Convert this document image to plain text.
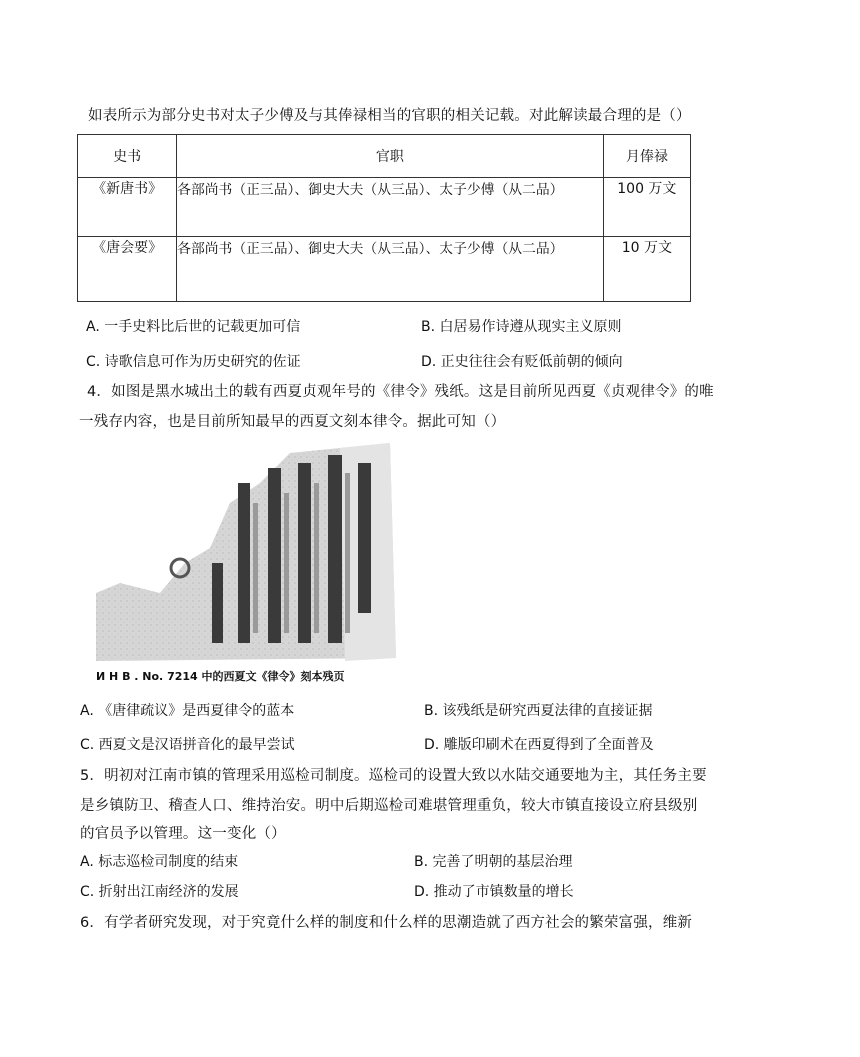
如表所示为部分史书对太子少傅及与其俸禄相当的官职的相关记载。对此解读最合理的是（）
史书	官职	月俸禄
《新唐书》	各部尚书（正三品）、御史大夫（从三品）、太子少傅（从二品）	100 万文
《唐会要》	各部尚书（正三品）、御史大夫（从三品）、太子少傅（从二品）	10 万文
A. 一手史料比后世的记载更加可信	B. 白居易作诗遵从现实主义原则
C. 诗歌信息可作为历史研究的佐证	D. 正史往往会有贬低前朝的倾向
4．如图是黑水城出土的载有西夏贞观年号的《律令》残纸。这是目前所见西夏《贞观律令》的唯
一残存内容，也是目前所知最早的西夏文刻本律令。据此可知（）
И Н В . No. 7214 中的西夏文《律令》刻本残页
A. 《唐律疏议》是西夏律令的蓝本	B. 该残纸是研究西夏法律的直接证据
C. 西夏文是汉语拼音化的最早尝试	D. 雕版印刷术在西夏得到了全面普及
5．明初对江南市镇的管理采用巡检司制度。巡检司的设置大致以水陆交通要地为主，其任务主要
是乡镇防卫、稽查人口、维持治安。明中后期巡检司难堪管理重负，较大市镇直接设立府县级别
的官员予以管理。这一变化（）
A. 标志巡检司制度的结束	B. 完善了明朝的基层治理
C. 折射出江南经济的发展	D. 推动了市镇数量的增长
6．有学者研究发现，对于究竟什么样的制度和什么样的思潮造就了西方社会的繁荣富强，维新
